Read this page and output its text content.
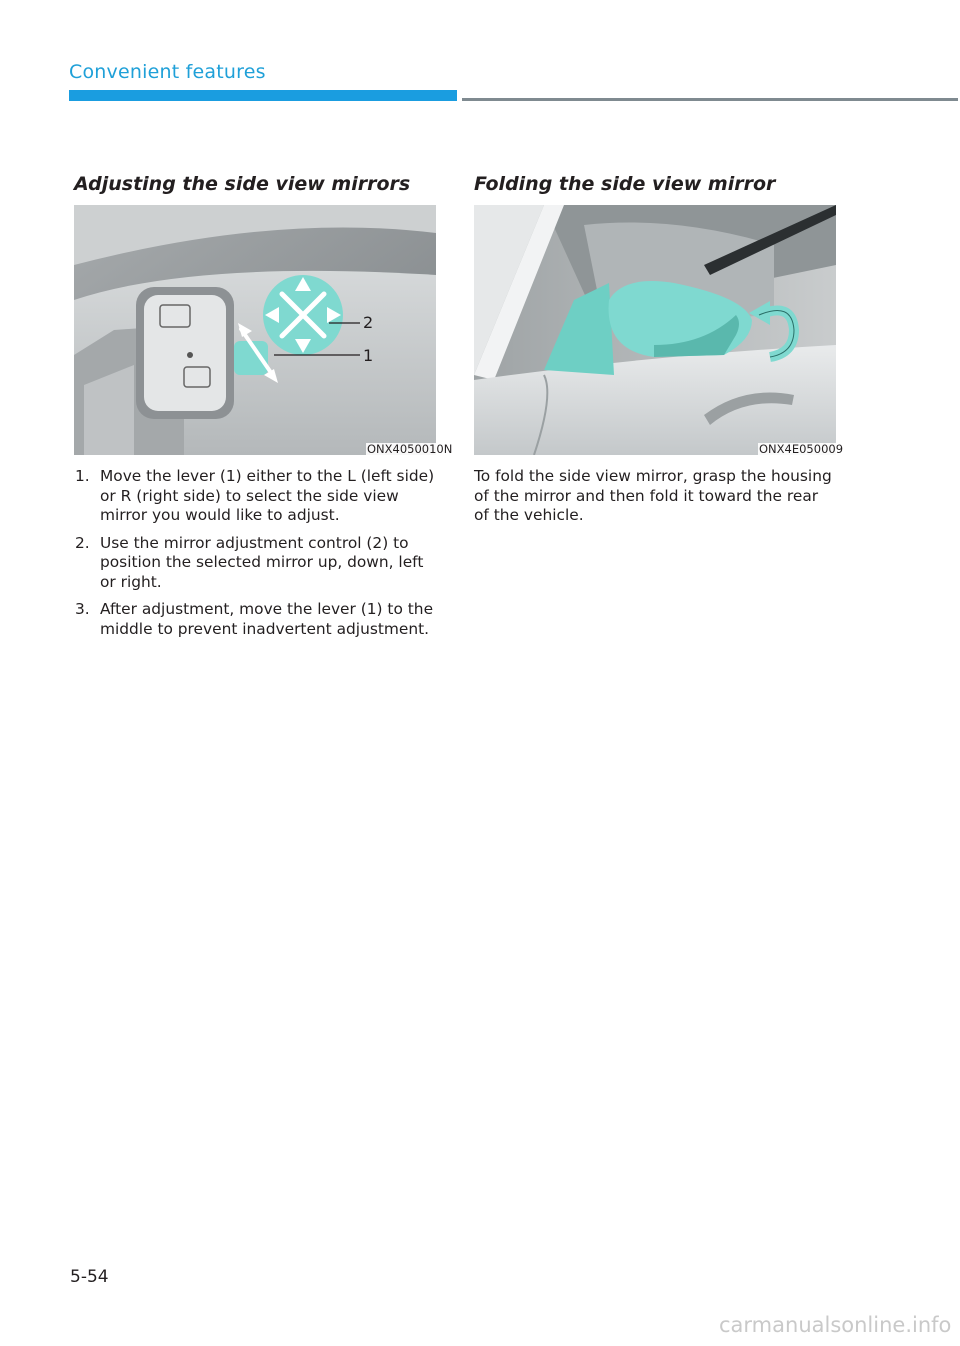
Convenient features
Adjusting the side view mirrors
2
1
ONX4050010N
1. Move the lever (1) either to the L (left side) or R (right side) to select the side view mirror you would like to adjust.
2. Use the mirror adjustment control (2) to position the selected mirror up, down, left or right.
3. After adjustment, move the lever (1) to the middle to prevent inadvertent adjustment.
Folding the side view mirror
ONX4E050009

To fold the side view mirror, grasp the housing of the mirror and then fold it toward the rear of the vehicle.

5-54
carmanualsonline.info
